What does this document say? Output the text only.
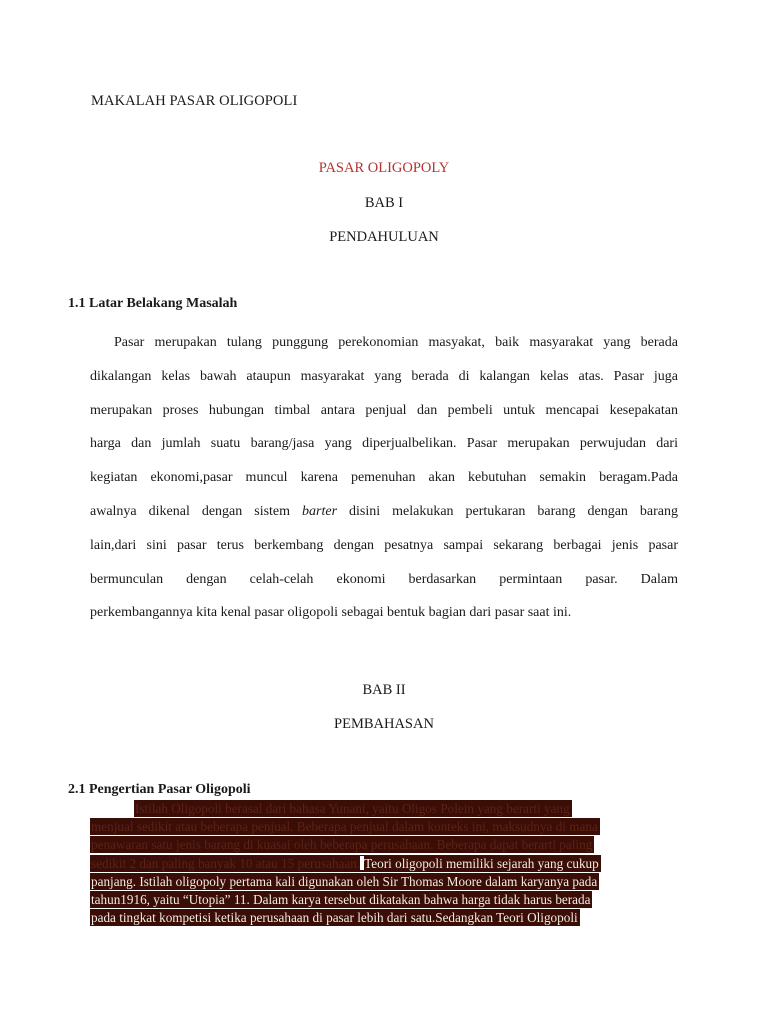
MAKALAH PASAR OLIGOPOLI

PASAR OLIGOPOLY

BAB I

PENDAHULUAN

1.1 Latar Belakang Masalah
Pasar merupakan tulang punggung perekonomian masyakat, baik masyarakat yang berada
dikalangan kelas bawah ataupun masyarakat yang berada di kalangan kelas atas. Pasar juga
merupakan proses hubungan timbal antara penjual dan pembeli untuk mencapai kesepakatan
harga dan jumlah suatu barang/jasa yang diperjualbelikan. Pasar merupakan perwujudan dari
kegiatan ekonomi,pasar muncul karena pemenuhan akan kebutuhan semakin beragam.Pada
awalnya dikenal dengan sistem barter disini melakukan pertukaran barang dengan barang
lain,dari sini pasar terus berkembang dengan pesatnya sampai sekarang berbagai jenis pasar
bermunculan dengan celah-celah ekonomi berdasarkan permintaan pasar. Dalam
perkembangannya kita kenal pasar oligopoli sebagai bentuk bagian dari pasar saat ini.

BAB II

PEMBAHASAN

2.1 Pengertian Pasar Oligopoli
Istilah Oligopoli berasal dari bahasa Yunani, yaitu Oligos Polein yang berarti yang
menjual sedikit atau beberapa penjual. Beberapa penjual dalam konteks ini, maksudnya di mana
penawaran satu jenis barang di kuasai oleh beberapa perusahaan. Beberapa dapat berarti paling
sedikit 2 dan paling banyak 10 atau 15 perusahaan. Teori oligopoli memiliki sejarah yang cukup
panjang. Istilah oligopoly pertama kali digunakan oleh Sir Thomas Moore dalam karyanya pada
tahun1916, yaitu “Utopia” 11. Dalam karya tersebut dikatakan bahwa harga tidak harus berada
pada tingkat kompetisi ketika perusahaan di pasar lebih dari satu.Sedangkan Teori Oligopoli
